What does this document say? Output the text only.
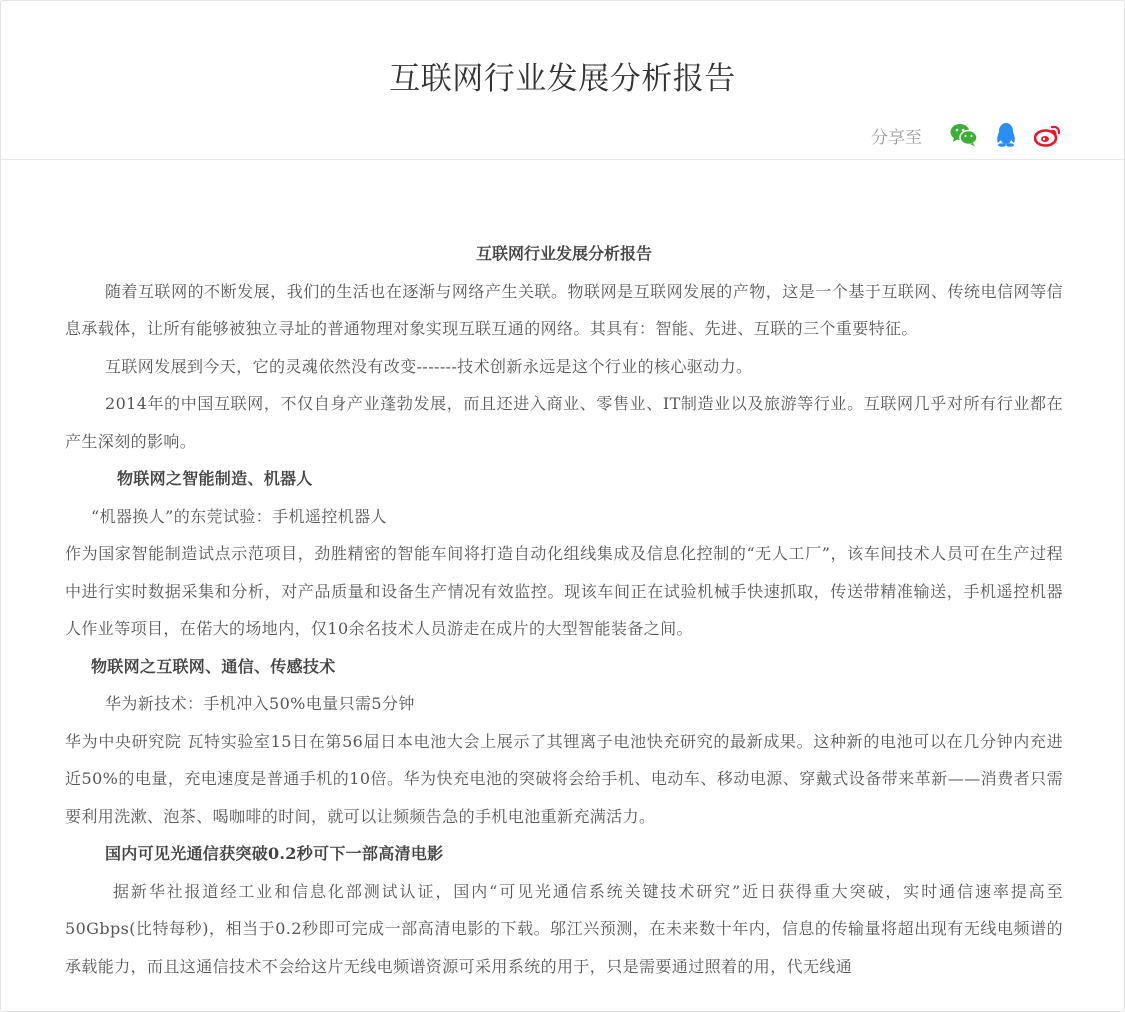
互联网行业发展分析报告
分享至

互联网行业发展分析报告

随着互联网的不断发展，我们的生活也在逐渐与网络产生关联。物联网是互联网发展的产物，这是一个基于互联网、传统电信网等信息承载体，让所有能够被独立寻址的普通物理对象实现互联互通的网络。其具有：智能、先进、互联的三个重要特征。

互联网发展到今天，它的灵魂依然没有改变-------技术创新永远是这个行业的核心驱动力。

2014年的中国互联网，不仅自身产业蓬勃发展，而且还进入商业、零售业、IT制造业以及旅游等行业。互联网几乎对所有行业都在产生深刻的影响。

物联网之智能制造、机器人

“机器换人”的东莞试验：手机遥控机器人

作为国家智能制造试点示范项目，劲胜精密的智能车间将打造自动化组线集成及信息化控制的“无人工厂”，该车间技术人员可在生产过程中进行实时数据采集和分析，对产品质量和设备生产情况有效监控。现该车间正在试验机械手快速抓取，传送带精准输送，手机遥控机器人作业等项目，在偌大的场地内，仅10余名技术人员游走在成片的大型智能装备之间。

物联网之互联网、通信、传感技术

华为新技术：手机冲入50%电量只需5分钟

华为中央研究院 瓦特实验室15日在第56届日本电池大会上展示了其锂离子电池快充研究的最新成果。这种新的电池可以在几分钟内充进近50%的电量，充电速度是普通手机的10倍。华为快充电池的突破将会给手机、电动车、移动电源、穿戴式设备带来革新——消费者只需要利用洗漱、泡茶、喝咖啡的时间，就可以让频频告急的手机电池重新充满活力。

国内可见光通信获突破0.2秒可下一部高清电影

据新华社报道经工业和信息化部测试认证，国内“可见光通信系统关键技术研究”近日获得重大突破，实时通信速率提高至50Gbps(比特每秒)，相当于0.2秒即可完成一部高清电影的下载。邬江兴预测，在未来数十年内，信息的传输量将超出现有无线电频谱的承载能力，而且这通信技术不会给这片无线电频谱资源可采用系统的用于，只是需要通过照着的用，代无线通
